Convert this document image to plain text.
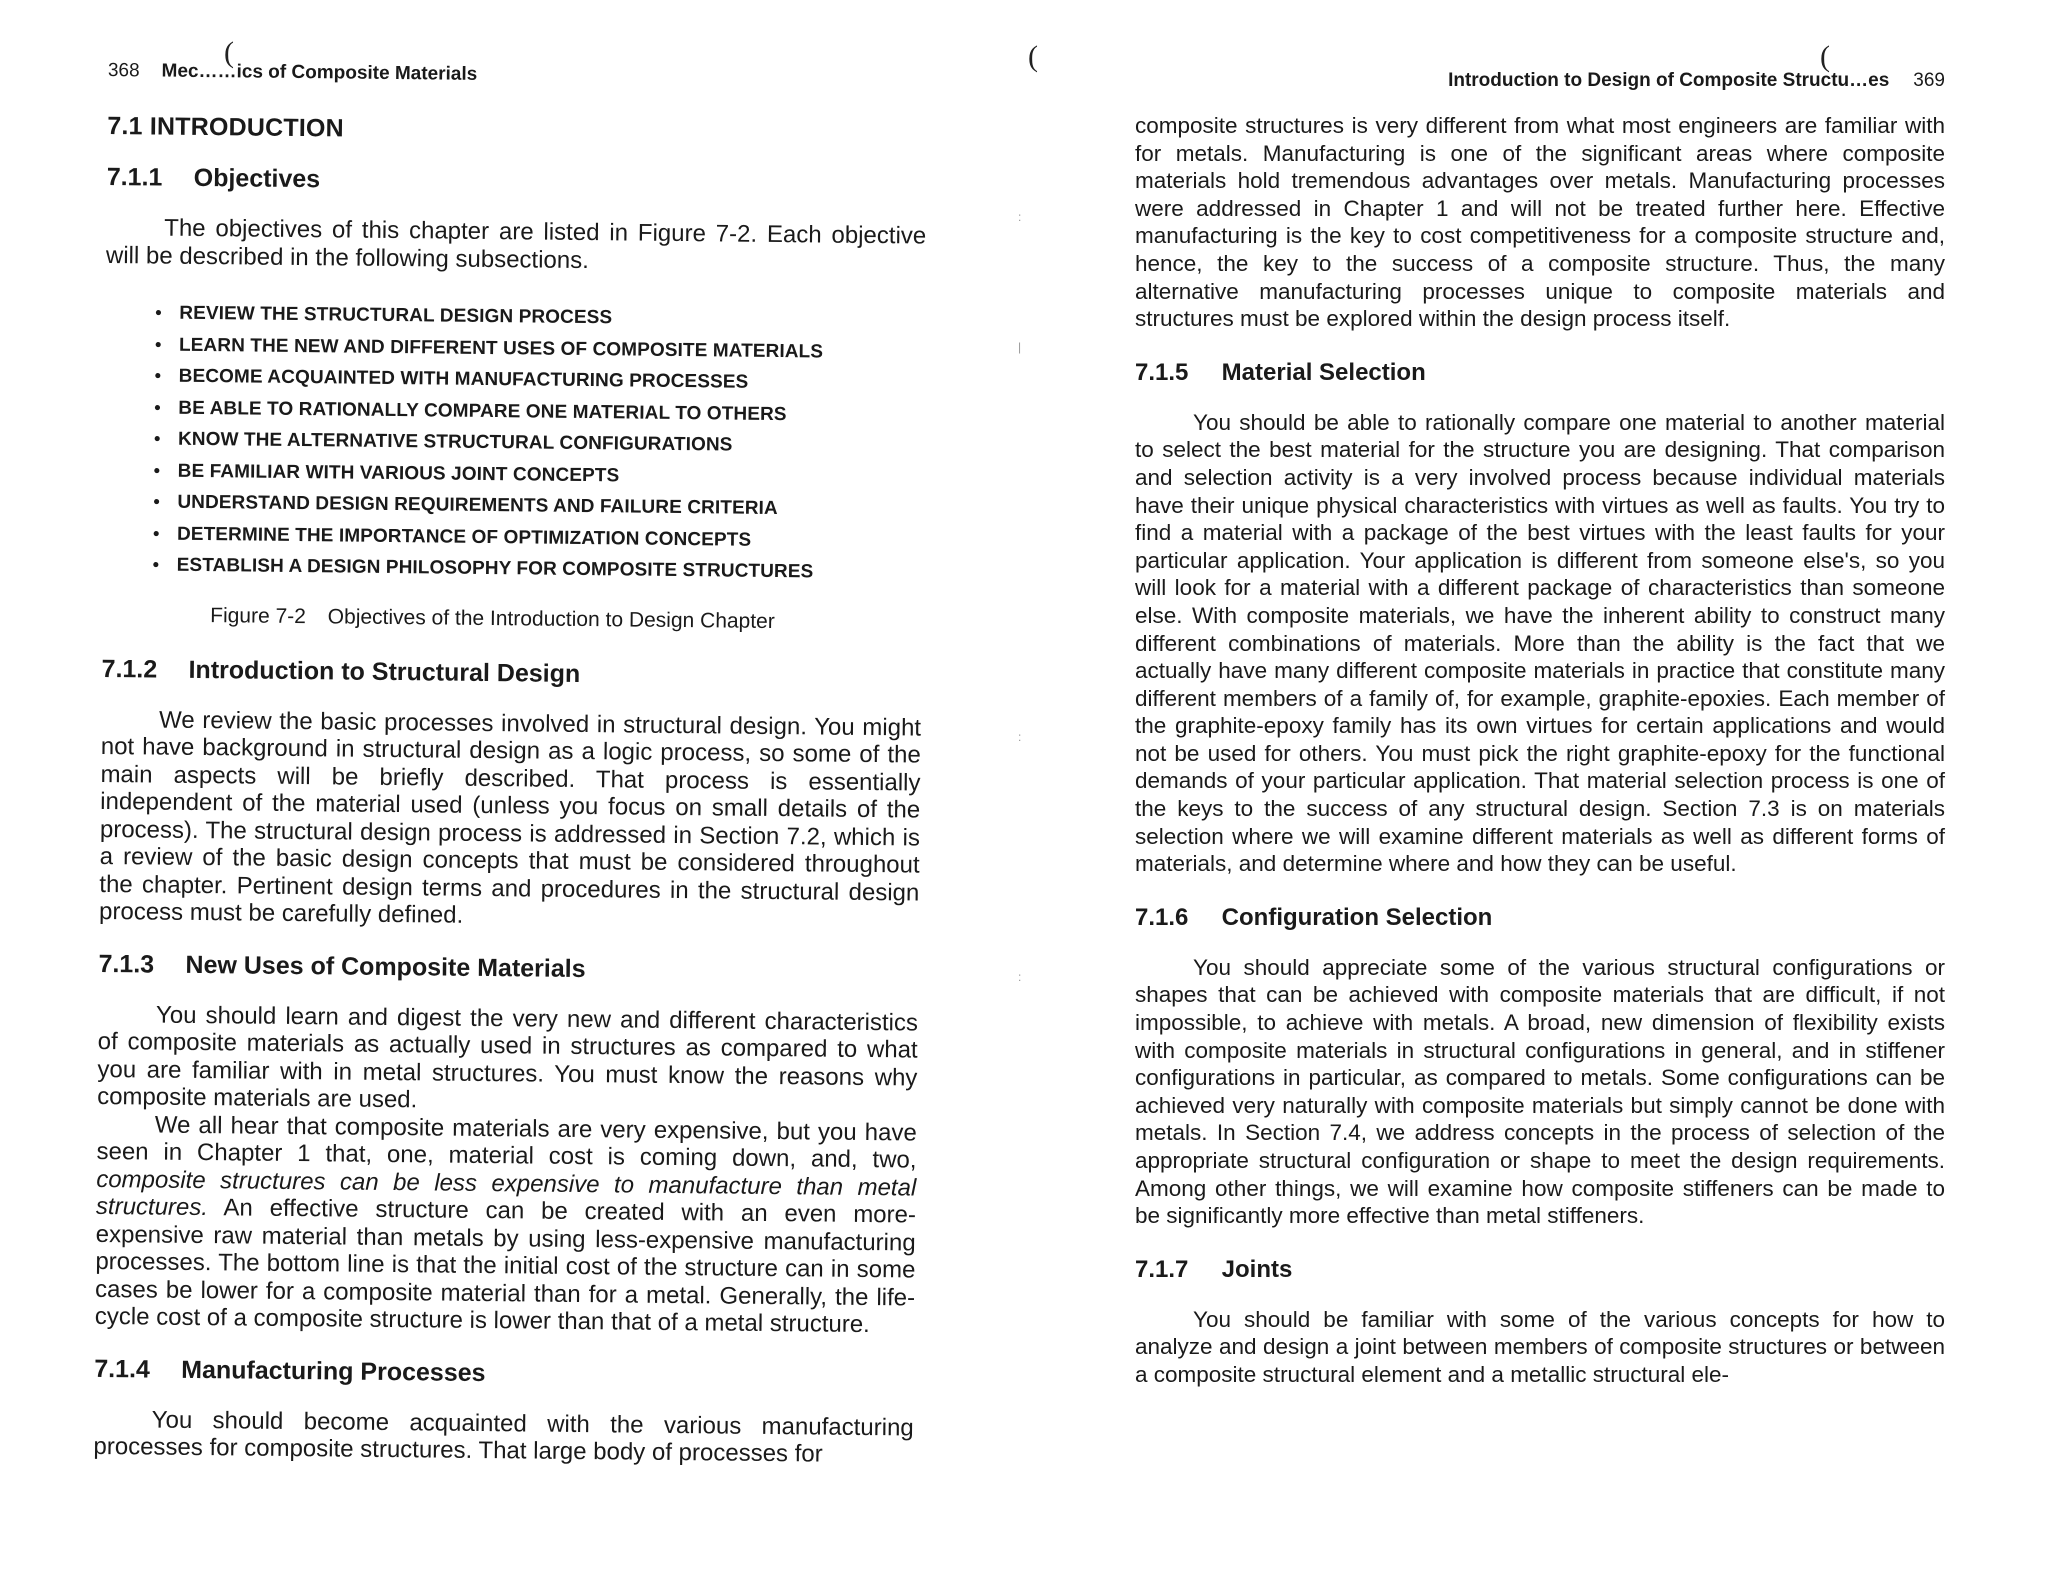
(	(	(
:
|
:
:
368 Mec……ics of Composite Materials
7.1 INTRODUCTION
7.1.1 Objectives

The objectives of this chapter are listed in Figure 7-2. Each objective will be described in the following subsections.

• REVIEW THE STRUCTURAL DESIGN PROCESS
• LEARN THE NEW AND DIFFERENT USES OF COMPOSITE MATERIALS
• BECOME ACQUAINTED WITH MANUFACTURING PROCESSES
• BE ABLE TO RATIONALLY COMPARE ONE MATERIAL TO OTHERS
• KNOW THE ALTERNATIVE STRUCTURAL CONFIGURATIONS
• BE FAMILIAR WITH VARIOUS JOINT CONCEPTS
• UNDERSTAND DESIGN REQUIREMENTS AND FAILURE CRITERIA
• DETERMINE THE IMPORTANCE OF OPTIMIZATION CONCEPTS
• ESTABLISH A DESIGN PHILOSOPHY FOR COMPOSITE STRUCTURES
Figure 7-2 Objectives of the Introduction to Design Chapter
7.1.2 Introduction to Structural Design

We review the basic processes involved in structural design. You might not have background in structural design as a logic process, so some of the main aspects will be briefly described. That process is essentially independent of the material used (unless you focus on small details of the process). The structural design process is addressed in Section 7.2, which is a review of the basic design concepts that must be considered throughout the chapter. Pertinent design terms and procedures in the structural design process must be carefully defined.

7.1.3 New Uses of Composite Materials

You should learn and digest the very new and different characteristics of composite materials as actually used in structures as compared to what you are familiar with in metal structures. You must know the reasons why composite materials are used.

We all hear that composite materials are very expensive, but you have seen in Chapter 1 that, one, material cost is coming down, and, two, composite structures can be less expensive to manufacture than metal structures. An effective structure can be created with an even more-expensive raw material than metals by using less-expensive manufacturing processes. The bottom line is that the initial cost of the structure can in some cases be lower for a composite material than for a metal. Generally, the life-cycle cost of a composite structure is lower than that of a metal structure.

7.1.4 Manufacturing Processes

You should become acquainted with the various manufacturing processes for composite structures. That large body of processes for

Introduction to Design of Composite Structu…es 369

composite structures is very different from what most engineers are familiar with for metals. Manufacturing is one of the significant areas where composite materials hold tremendous advantages over metals. Manufacturing processes were addressed in Chapter 1 and will not be treated further here. Effective manufacturing is the key to cost competitiveness for a composite structure and, hence, the key to the success of a composite structure. Thus, the many alternative manufacturing processes unique to composite materials and structures must be explored within the design process itself.

7.1.5 Material Selection

You should be able to rationally compare one material to another material to select the best material for the structure you are designing. That comparison and selection activity is a very involved process because individual materials have their unique physical characteristics with virtues as well as faults. You try to find a material with a package of the best virtues with the least faults for your particular application. Your application is different from someone else's, so you will look for a material with a different package of characteristics than someone else. With composite materials, we have the inherent ability to construct many different combinations of materials. More than the ability is the fact that we actually have many different composite materials in practice that constitute many different members of a family of, for example, graphite-epoxies. Each member of the graphite-epoxy family has its own virtues for certain applications and would not be used for others. You must pick the right graphite-epoxy for the functional demands of your particular application. That material selection process is one of the keys to the success of any structural design. Section 7.3 is on materials selection where we will examine different materials as well as different forms of materials, and determine where and how they can be useful.

7.1.6 Configuration Selection

You should appreciate some of the various structural configurations or shapes that can be achieved with composite materials that are difficult, if not impossible, to achieve with metals. A broad, new dimension of flexibility exists with composite materials in structural configurations in general, and in stiffener configurations in particular, as compared to metals. Some configurations can be achieved very naturally with composite materials but simply cannot be done with metals. In Section 7.4, we address concepts in the process of selection of the appropriate structural configuration or shape to meet the design requirements. Among other things, we will examine how composite stiffeners can be made to be significantly more effective than metal stiffeners.

7.1.7 Joints

You should be familiar with some of the various concepts for how to analyze and design a joint between members of composite structures or between a composite structural element and a metallic structural ele-
